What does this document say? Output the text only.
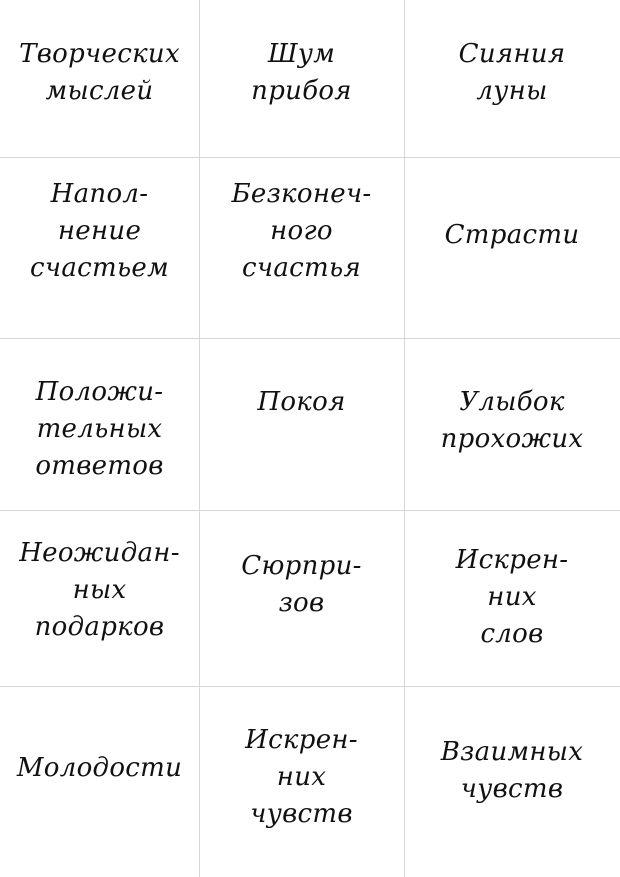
Творческих
мыслей
Шум
прибоя
Сияния
луны
Напол-
нение
счастьем
Безконеч-
ного
счастья
Страсти
Положи-
тельных
ответов
Покоя	Улыбок
прохожих
Неожидан-
ных
подарков
Сюрпри-
зов
Искрен-
них
слов
Молодости
Искрен-
них
чувств
Взаимных
чувств
